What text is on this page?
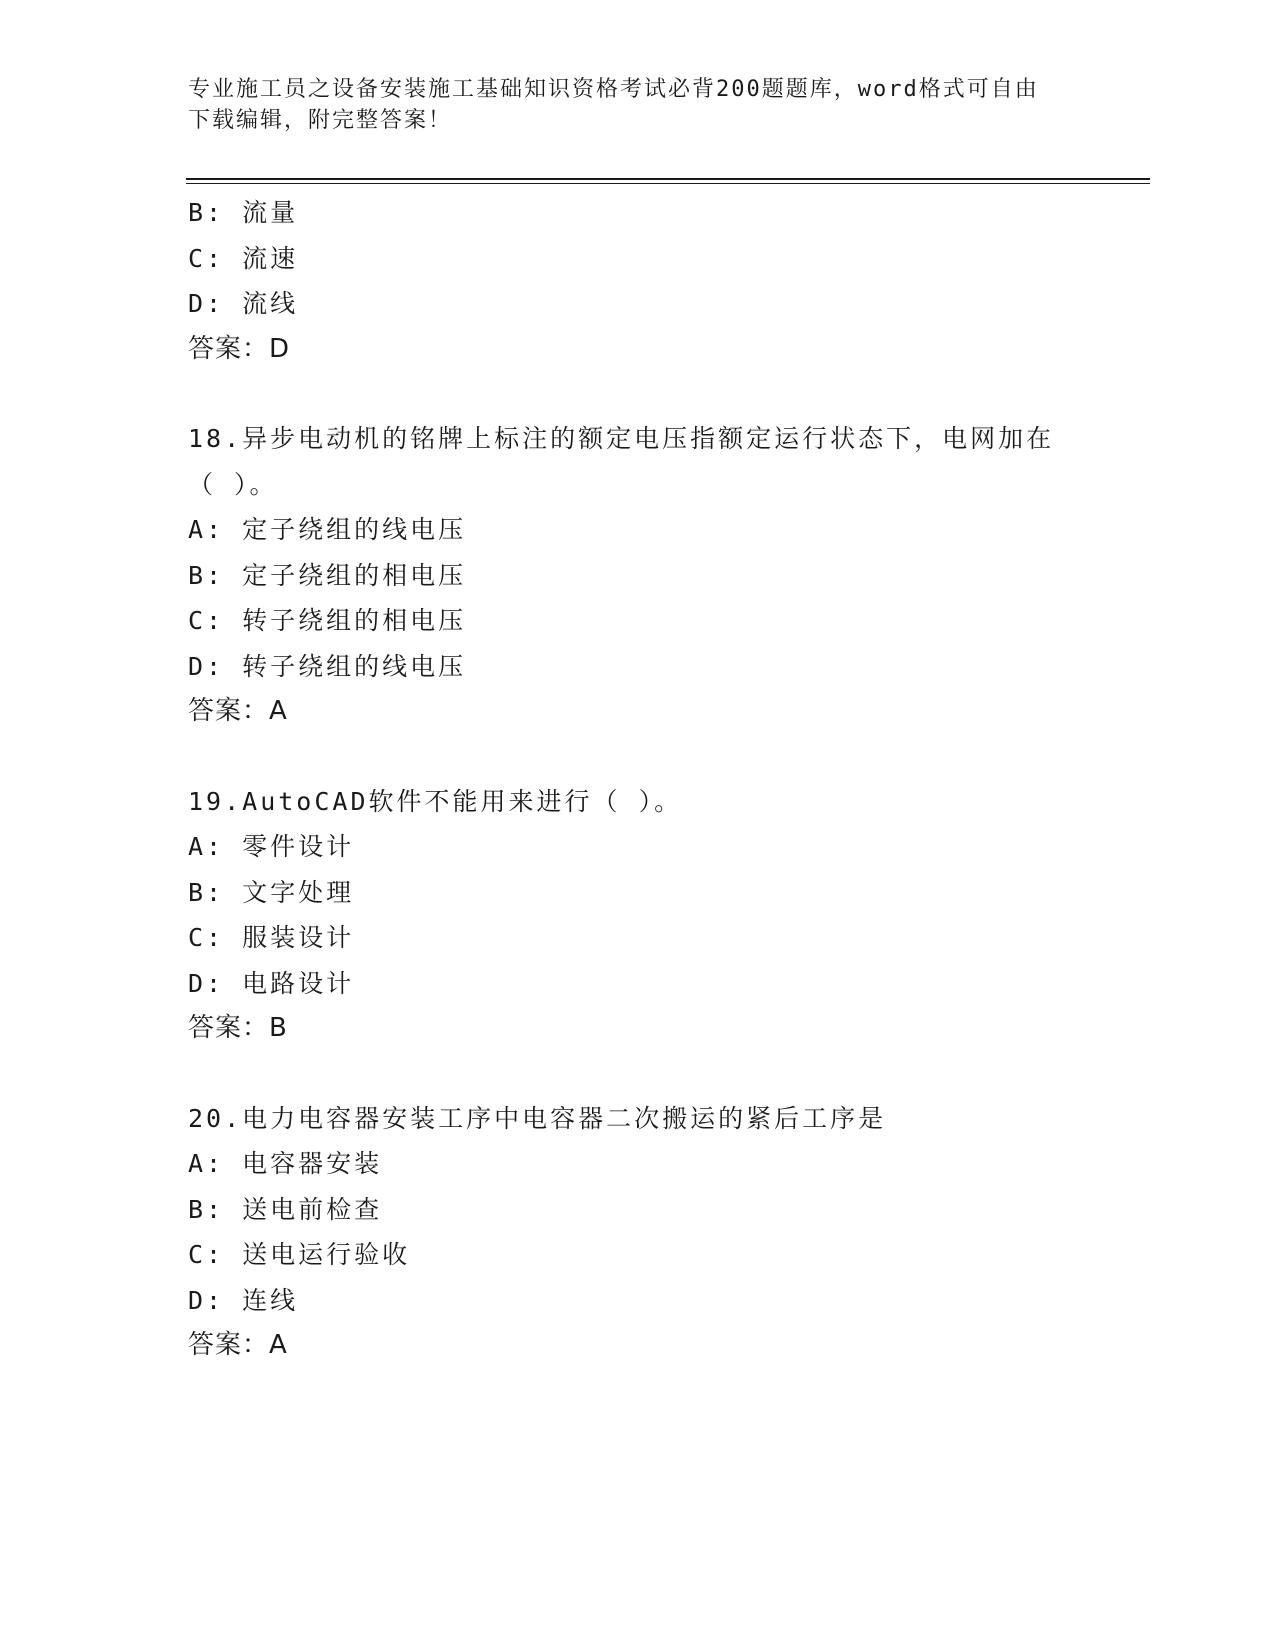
专业施工员之设备安装施工基础知识资格考试必背200题题库，word格式可自由
下载编辑，附完整答案！
B: 流量
C: 流速
D: 流线
答案：D
18.异步电动机的铭牌上标注的额定电压指额定运行状态下，电网加在
（ ）。
A: 定子绕组的线电压
B: 定子绕组的相电压
C: 转子绕组的相电压
D: 转子绕组的线电压
答案：A
19.AutoCAD软件不能用来进行（ ）。
A: 零件设计
B: 文字处理
C: 服装设计
D: 电路设计
答案：B
20.电力电容器安装工序中电容器二次搬运的紧后工序是
A: 电容器安装
B: 送电前检查
C: 送电运行验收
D: 连线
答案：A
